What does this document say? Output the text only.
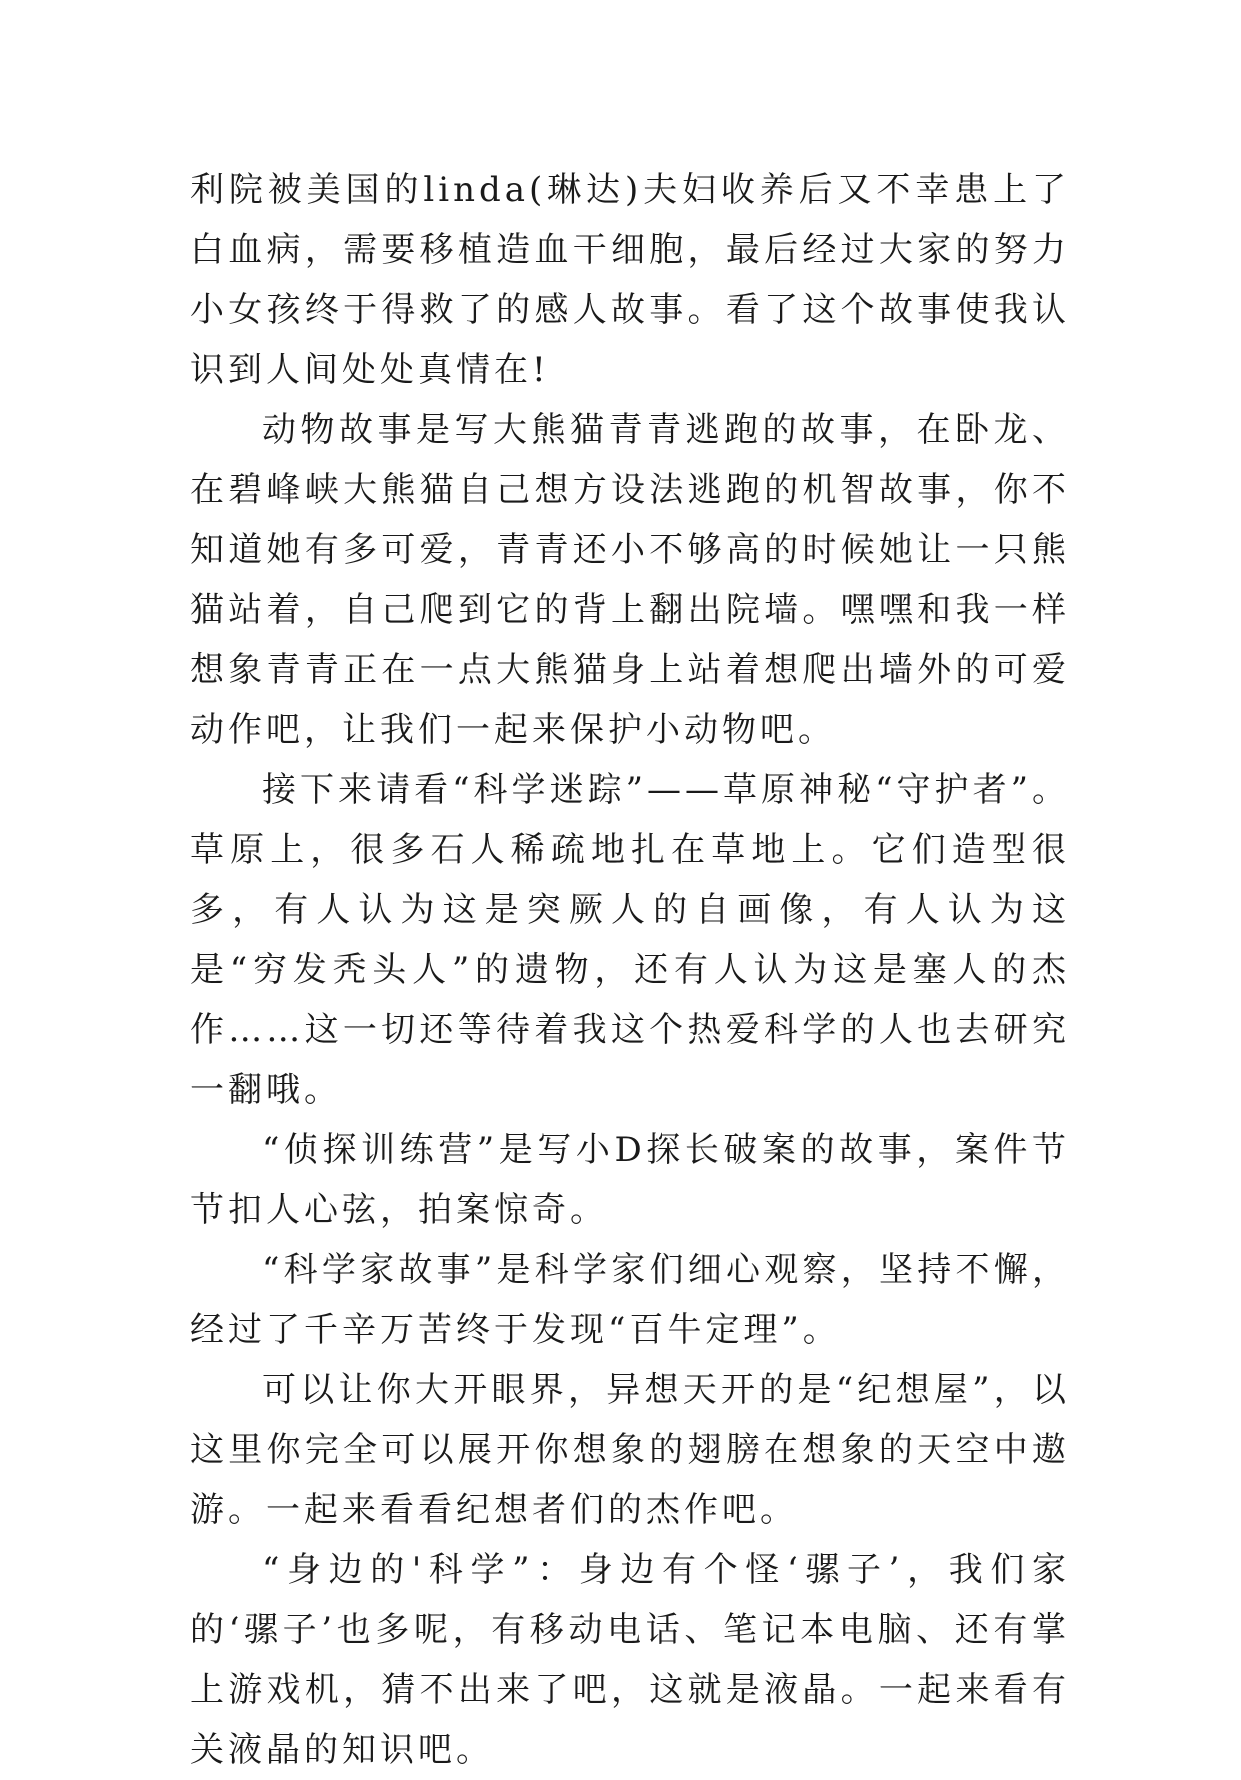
利院被美国的linda(琳达)夫妇收养后又不幸患上了白血病，需要移植造血干细胞，最后经过大家的努力小女孩终于得救了的感人故事。看了这个故事使我认识到人间处处真情在!

动物故事是写大熊猫青青逃跑的故事，在卧龙、在碧峰峡大熊猫自己想方设法逃跑的机智故事，你不知道她有多可爱，青青还小不够高的时候她让一只熊猫站着，自己爬到它的背上翻出院墙。嘿嘿和我一样想象青青正在一点大熊猫身上站着想爬出墙外的可爱动作吧，让我们一起来保护小动物吧。

接下来请看“科学迷踪”——草原神秘“守护者”。草原上，很多石人稀疏地扎在草地上。它们造型很多，有人认为这是突厥人的自画像，有人认为这是“穷发秃头人”的遗物，还有人认为这是塞人的杰作……这一切还等待着我这个热爱科学的人也去研究一翻哦。

“侦探训练营”是写小D探长破案的故事，案件节节扣人心弦，拍案惊奇。

“科学家故事”是科学家们细心观察，坚持不懈，经过了千辛万苦终于发现“百牛定理”。

可以让你大开眼界，异想天开的是“纪想屋”，以这里你完全可以展开你想象的翅膀在想象的天空中遨游。一起来看看纪想者们的杰作吧。

“身边的'科学”：身边有个怪‘骡子’，我们家的‘骡子’也多呢，有移动电话、笔记本电脑、还有掌上游戏机，猜不出来了吧，这就是液晶。一起来看有关液晶的知识吧。
